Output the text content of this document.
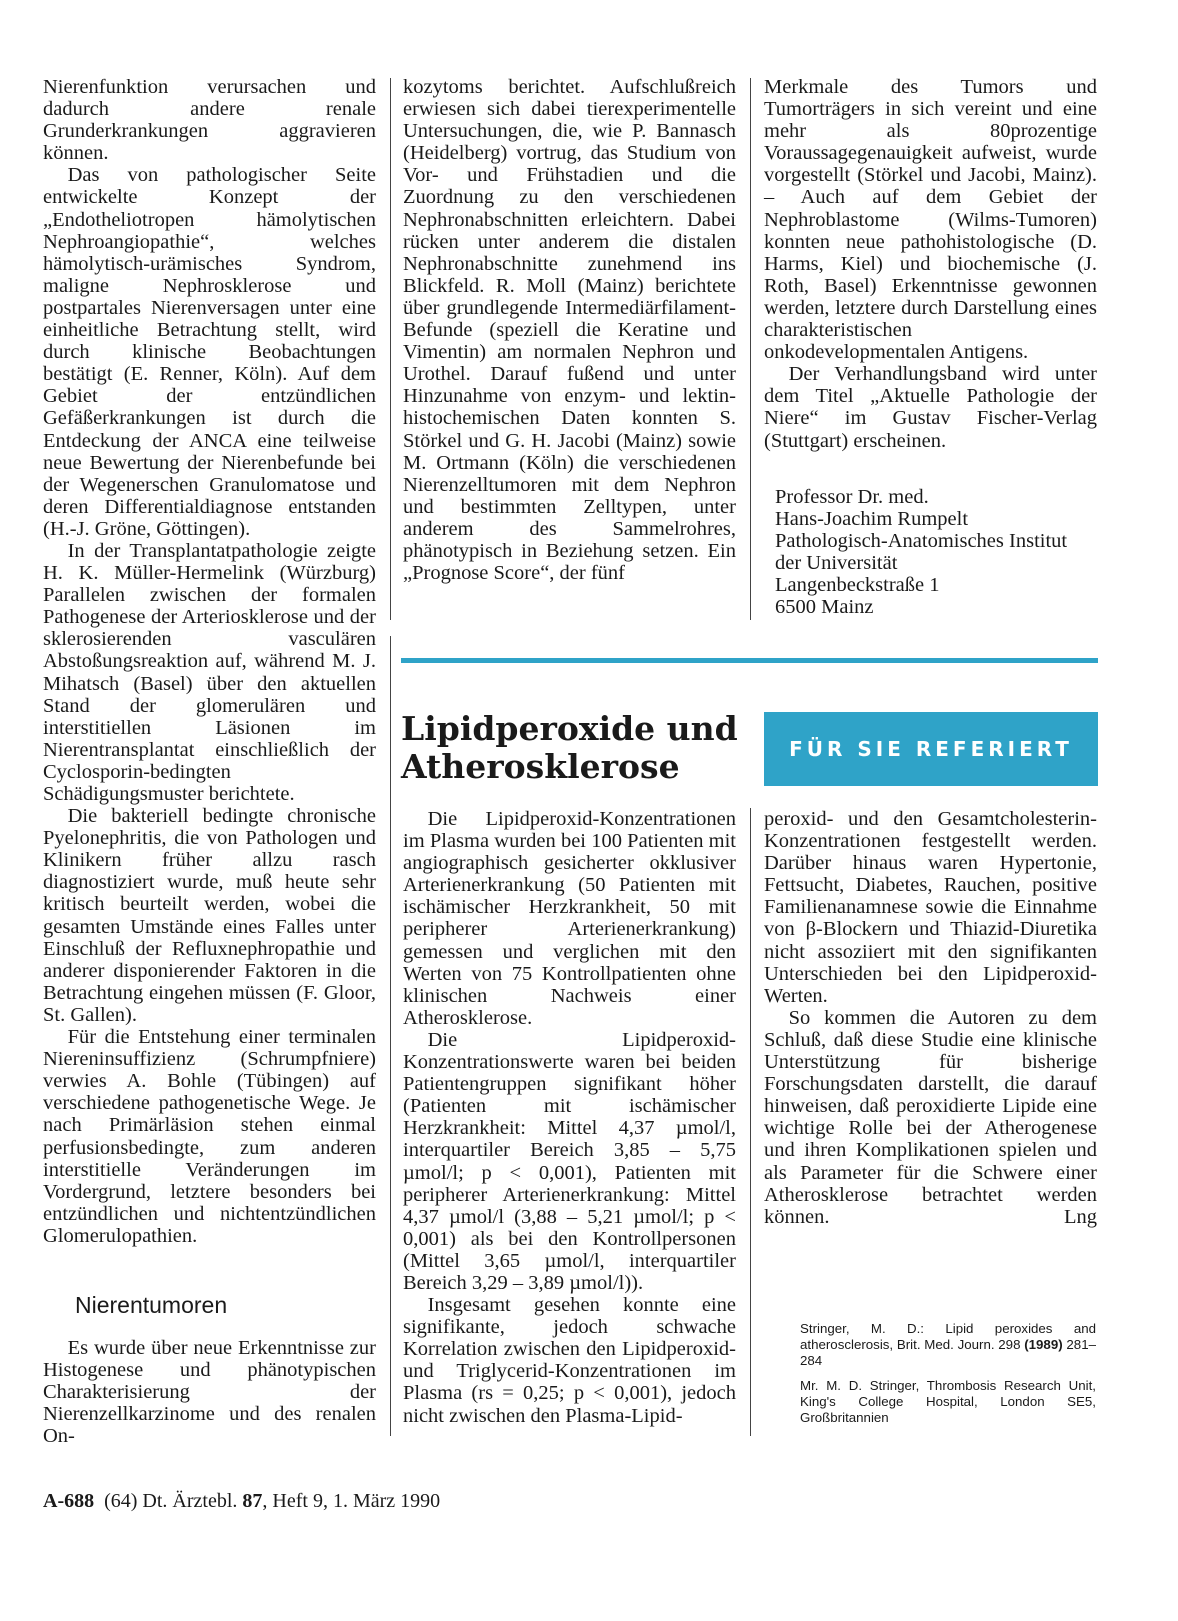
Nierenfunktion verursachen und dadurch andere renale Grunderkrankungen aggravieren können.

Das von pathologischer Seite entwickelte Konzept der „Endotheliotropen hämolytischen Nephroangiopathie“, welches hämolytisch-urämisches Syndrom, maligne Nephrosklerose und postpartales Nierenversagen unter eine einheitliche Betrachtung stellt, wird durch klinische Beobachtungen bestätigt (E. Renner, Köln). Auf dem Gebiet der entzündlichen Gefäßerkrankungen ist durch die Entdeckung der ANCA eine teilweise neue Bewertung der Nierenbefunde bei der Wegenerschen Granulomatose und deren Differentialdiagnose entstanden (H.-J. Gröne, Göttingen).

In der Transplantatpathologie zeigte H. K. Müller-Hermelink (Würzburg) Parallelen zwischen der formalen Pathogenese der Arteriosklerose und der sklerosierenden vasculären Abstoßungsreaktion auf, während M. J. Mihatsch (Basel) über den aktuellen Stand der glomerulären und interstitiellen Läsionen im Nierentransplantat einschließlich der Cyclosporin-bedingten Schädigungsmuster berichtete.

Die bakteriell bedingte chronische Pyelonephritis, die von Pathologen und Klinikern früher allzu rasch diagnostiziert wurde, muß heute sehr kritisch beurteilt werden, wobei die gesamten Umstände eines Falles unter Einschluß der Refluxnephropathie und anderer disponierender Faktoren in die Betrachtung eingehen müssen (F. Gloor, St. Gallen).

Für die Entstehung einer terminalen Niereninsuffizienz (Schrumpfniere) verwies A. Bohle (Tübingen) auf verschiedene pathogenetische Wege. Je nach Primärläsion stehen einmal perfusionsbedingte, zum anderen interstitielle Veränderungen im Vordergrund, letztere besonders bei entzündlichen und nichtentzündlichen Glomerulopathien.

Nierentumoren

Es wurde über neue Erkenntnisse zur Histogenese und phänotypischen Charakterisierung der Nierenzellkarzinome und des renalen On-

kozytoms berichtet. Aufschlußreich erwiesen sich dabei tierexperimentelle Untersuchungen, die, wie P. Bannasch (Heidelberg) vortrug, das Studium von Vor- und Frühstadien und die Zuordnung zu den verschiedenen Nephronabschnitten erleichtern. Dabei rücken unter anderem die distalen Nephronabschnitte zunehmend ins Blickfeld. R. Moll (Mainz) berichtete über grundlegende Intermediärfilament-Befunde (speziell die Keratine und Vimentin) am normalen Nephron und Urothel. Darauf fußend und unter Hinzunahme von enzym- und lektin-histochemischen Daten konnten S. Störkel und G. H. Jacobi (Mainz) sowie M. Ortmann (Köln) die verschiedenen Nierenzelltumoren mit dem Nephron und bestimmten Zelltypen, unter anderem des Sammelrohres, phänotypisch in Beziehung setzen. Ein „Prognose Score“, der fünf

Merkmale des Tumors und Tumorträgers in sich vereint und eine mehr als 80prozentige Voraussagegenauigkeit aufweist, wurde vorgestellt (Störkel und Jacobi, Mainz). – Auch auf dem Gebiet der Nephroblastome (Wilms-Tumoren) konnten neue pathohistologische (D. Harms, Kiel) und biochemische (J. Roth, Basel) Erkenntnisse gewonnen werden, letztere durch Darstellung eines charakteristischen onkodevelopmentalen Antigens.

Der Verhandlungsband wird unter dem Titel „Aktuelle Pathologie der Niere“ im Gustav Fischer-Verlag (Stuttgart) erscheinen.

Professor Dr. med.
Hans-Joachim Rumpelt
Pathologisch-Anatomisches Institut
der Universität
Langenbeckstraße 1
6500 Mainz
Lipidperoxide und
Atherosklerose	FÜR SIE REFERIERT

Die Lipidperoxid-Konzentrationen im Plasma wurden bei 100 Patienten mit angiographisch gesicherter okklusiver Arterienerkrankung (50 Patienten mit ischämischer Herzkrankheit, 50 mit peripherer Arterienerkrankung) gemessen und verglichen mit den Werten von 75 Kontrollpatienten ohne klinischen Nachweis einer Atherosklerose.

Die Lipidperoxid-Konzentrationswerte waren bei beiden Patientengruppen signifikant höher (Patienten mit ischämischer Herzkrankheit: Mittel 4,37 µmol/l, interquartiler Bereich 3,85 – 5,75 µmol/l; p < 0,001), Patienten mit peripherer Arterienerkrankung: Mittel 4,37 µmol/l (3,88 – 5,21 µmol/l; p < 0,001) als bei den Kontrollpersonen (Mittel 3,65 µmol/l, interquartiler Bereich 3,29 – 3,89 µmol/l)).

Insgesamt gesehen konnte eine signifikante, jedoch schwache Korrelation zwischen den Lipidperoxid- und Triglycerid-Konzentrationen im Plasma (rs = 0,25; p < 0,001), jedoch nicht zwischen den Plasma-Lipid-

peroxid- und den Gesamtcholesterin-Konzentrationen festgestellt werden. Darüber hinaus waren Hypertonie, Fettsucht, Diabetes, Rauchen, positive Familienanamnese sowie die Einnahme von β-Blockern und Thiazid-Diuretika nicht assoziiert mit den signifikanten Unterschieden bei den Lipidperoxid-Werten.

So kommen die Autoren zu dem Schluß, daß diese Studie eine klinische Unterstützung für bisherige Forschungsdaten darstellt, die darauf hinweisen, daß peroxidierte Lipide eine wichtige Rolle bei der Atherogenese und ihren Komplikationen spielen und als Parameter für die Schwere einer Atherosklerose betrachtet werden können.	Lng

Stringer, M. D.: Lipid peroxides and atherosclerosis, Brit. Med. Journ. 298 (1989) 281–284

Mr. M. D. Stringer, Thrombosis Research Unit, King's College Hospital, London SE5, Großbritannien

A-688  (64) Dt. Ärztebl. 87, Heft 9, 1. März 1990
